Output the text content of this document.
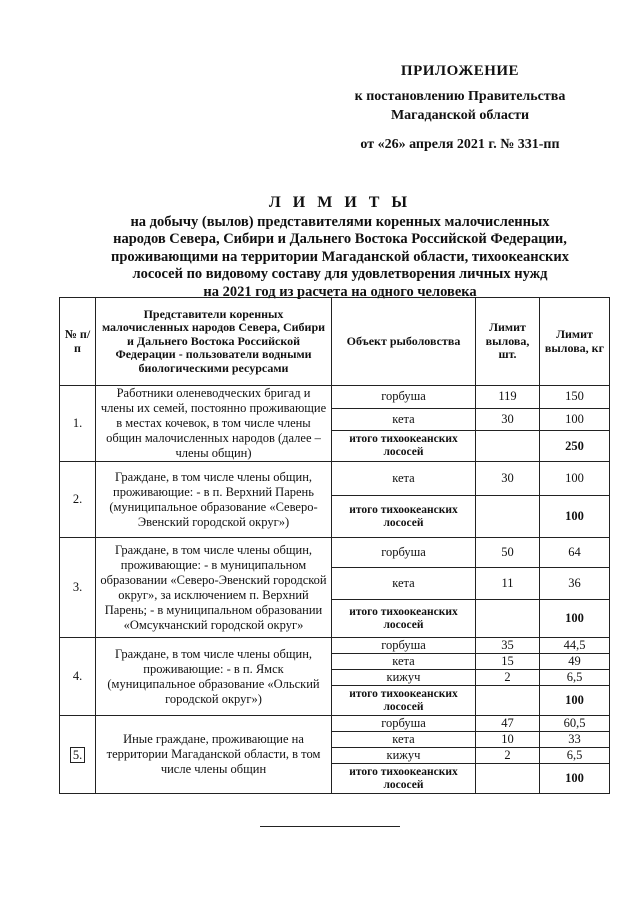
ПРИЛОЖЕНИЕ
к постановлению Правительства
Магаданской области
от «26» апреля 2021 г. № 331-пп
Л И М И Т Ы
на добычу (вылов) представителями коренных малочисленных
народов Севера, Сибири и Дальнего Востока Российской Федерации,
проживающими на территории Магаданской области, тихоокеанских
лососей по видовому составу для удовлетворения личных нужд
на 2021 год из расчета на одного человека
№ п/п	Представители коренных малочисленных народов Севера, Сибири и Дальнего Востока Российской Федерации - пользователи водными биологическими ресурсами	Объект рыболовства	Лимит вылова, шт.	Лимит вылова, кг
1.	Работники оленеводческих бригад и члены их семей, постоянно проживающие в местах кочевок, в том числе члены общин малочисленных народов (далее – члены общин)	горбуша	119	150
		кета	30	100
		итого тихоокеанских лососей		250
2.	Граждане, в том числе члены общин, проживающие: - в п. Верхний Парень (муниципальное образование «Северо-Эвенский городской округ»)	кета	30	100
		итого тихоокеанских лососей		100
3.	Граждане, в том числе члены общин, проживающие: - в муниципальном образовании «Северо-Эвенский городской округ», за исключением п. Верхний Парень; - в муниципальном образовании «Омсукчанский городской округ»	горбуша	50	64
		кета	11	36
		итого тихоокеанских лососей		100
4.	Граждане, в том числе члены общин, проживающие: - в п. Ямск (муниципальное образование «Ольский городской округ»)	горбуша	35	44,5
		кета	15	49
		кижуч	2	6,5
		итого тихоокеанских лососей		100
5.	Иные граждане, проживающие на территории Магаданской области, в том числе члены общин	горбуша	47	60,5
		кета	10	33
		кижуч	2	6,5
		итого тихоокеанских лососей		100
